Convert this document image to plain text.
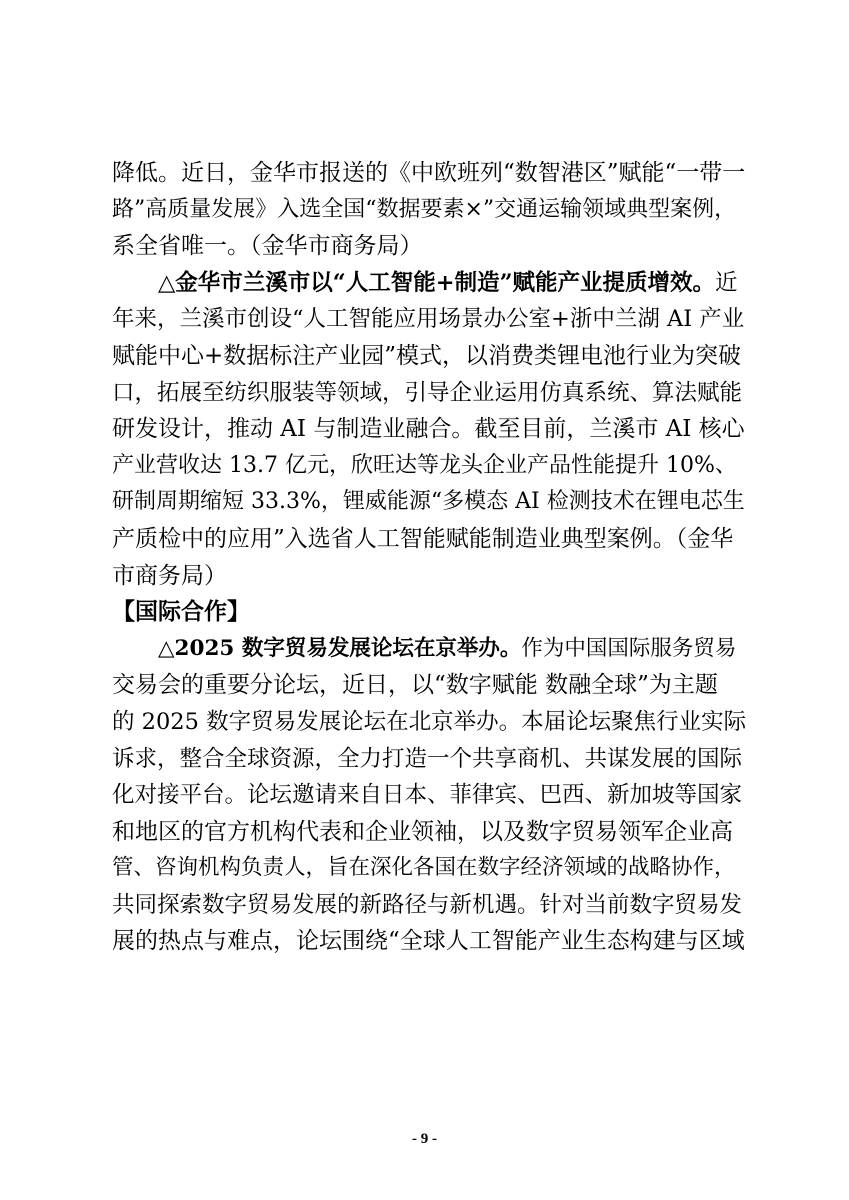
降低。近日，金华市报送的《中欧班列“数智港区”赋能“一带一
路”高质量发展》入选全国“数据要素×”交通运输领域典型案例，
系全省唯一。（金华市商务局）
△金华市兰溪市以“人工智能+制造”赋能产业提质增效。近
年来，兰溪市创设“人工智能应用场景办公室+浙中兰湖 AI 产业
赋能中心+数据标注产业园”模式，以消费类锂电池行业为突破
口，拓展至纺织服装等领域，引导企业运用仿真系统、算法赋能
研发设计，推动 AI 与制造业融合。截至目前，兰溪市 AI 核心
产业营收达 13.7 亿元，欣旺达等龙头企业产品性能提升 10%、
研制周期缩短 33.3%，锂威能源“多模态 AI 检测技术在锂电芯生
产质检中的应用”入选省人工智能赋能制造业典型案例。（金华
市商务局）
【国际合作】
△2025 数字贸易发展论坛在京举办。作为中国国际服务贸易
交易会的重要分论坛，近日，以“数字赋能 数融全球”为主题
的 2025 数字贸易发展论坛在北京举办。本届论坛聚焦行业实际
诉求，整合全球资源，全力打造一个共享商机、共谋发展的国际
化对接平台。论坛邀请来自日本、菲律宾、巴西、新加坡等国家
和地区的官方机构代表和企业领袖，以及数字贸易领军企业高
管、咨询机构负责人，旨在深化各国在数字经济领域的战略协作，
共同探索数字贸易发展的新路径与新机遇。针对当前数字贸易发
展的热点与难点，论坛围绕“全球人工智能产业生态构建与区域
- 9 -
